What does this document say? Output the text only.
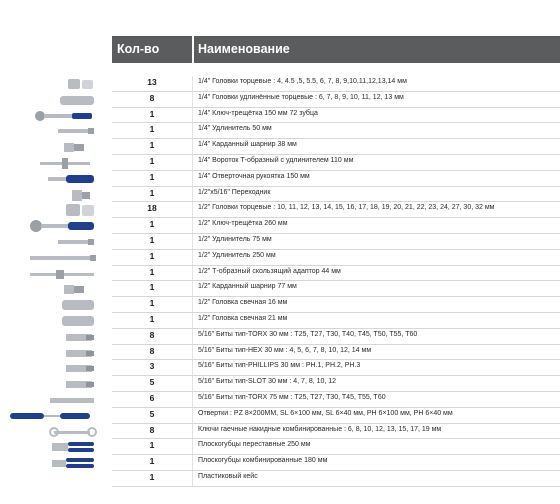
Кол-во	Наименование
13	1/4" Головки торцевые : 4, 4.5 ,5, 5.5, 6, 7, 8, 9,10,11,12,13,14 мм
8	1/4" Головки удлинённые торцевые : 6, 7, 8, 9, 10, 11, 12, 13 мм
1	1/4" Ключ-трещётка 150 мм 72 зубца
1	1/4" Удлинитель 50 мм
1	1/4" Карданный шарнир 38 мм
1	1/4" Вороток Т-образный с удлинителем 110 мм
1	1/4" Отверточная рукоятка 150 мм
1	1/2"x5/16" Переходник
18	1/2" Головки торцевые : 10, 11, 12, 13, 14, 15, 16, 17, 18, 19, 20, 21, 22, 23, 24, 27, 30, 32 мм
1	1/2" Ключ-трещётка 260 мм
1	1/2" Удлинитель 75 мм
1	1/2" Удлинитель 250 мм
1	1/2" Т-образный скользящий адаптор 44 мм
1	1/2" Карданный шарнир 77 мм
1	1/2" Головка свечная 16 мм
1	1/2" Головка свечная 21 мм
8	5/16" Биты тип-TORX 30 мм : T25, T27, T30, T40, T45, T50, T55, T60
8	5/16" Биты тип-HEX 30 мм : 4, 5, 6, 7, 8, 10, 12, 14 мм
3	5/16" Биты тип-PHILLIPS 30 мм : PH.1, PH.2, PH.3
5	5/16" Биты тип-SLOT 30 мм : 4, 7, 8, 10, 12
6	5/16" Биты тип-TORX 75 мм : T25, T27, T30, T45, T55, T60
5	Отвертки : PZ 8×200ММ, SL 6×100 мм, SL 6×40 мм, PH 6×100 мм, PH 6×40 мм
8	Ключи гаечные накидные комбинированные : 6, 8, 10, 12, 13, 15, 17, 19 мм
1	Плоскогубцы переставные 250 мм
1	Плоскогубцы комбинированные 180 мм
1	Пластиковый кейс
